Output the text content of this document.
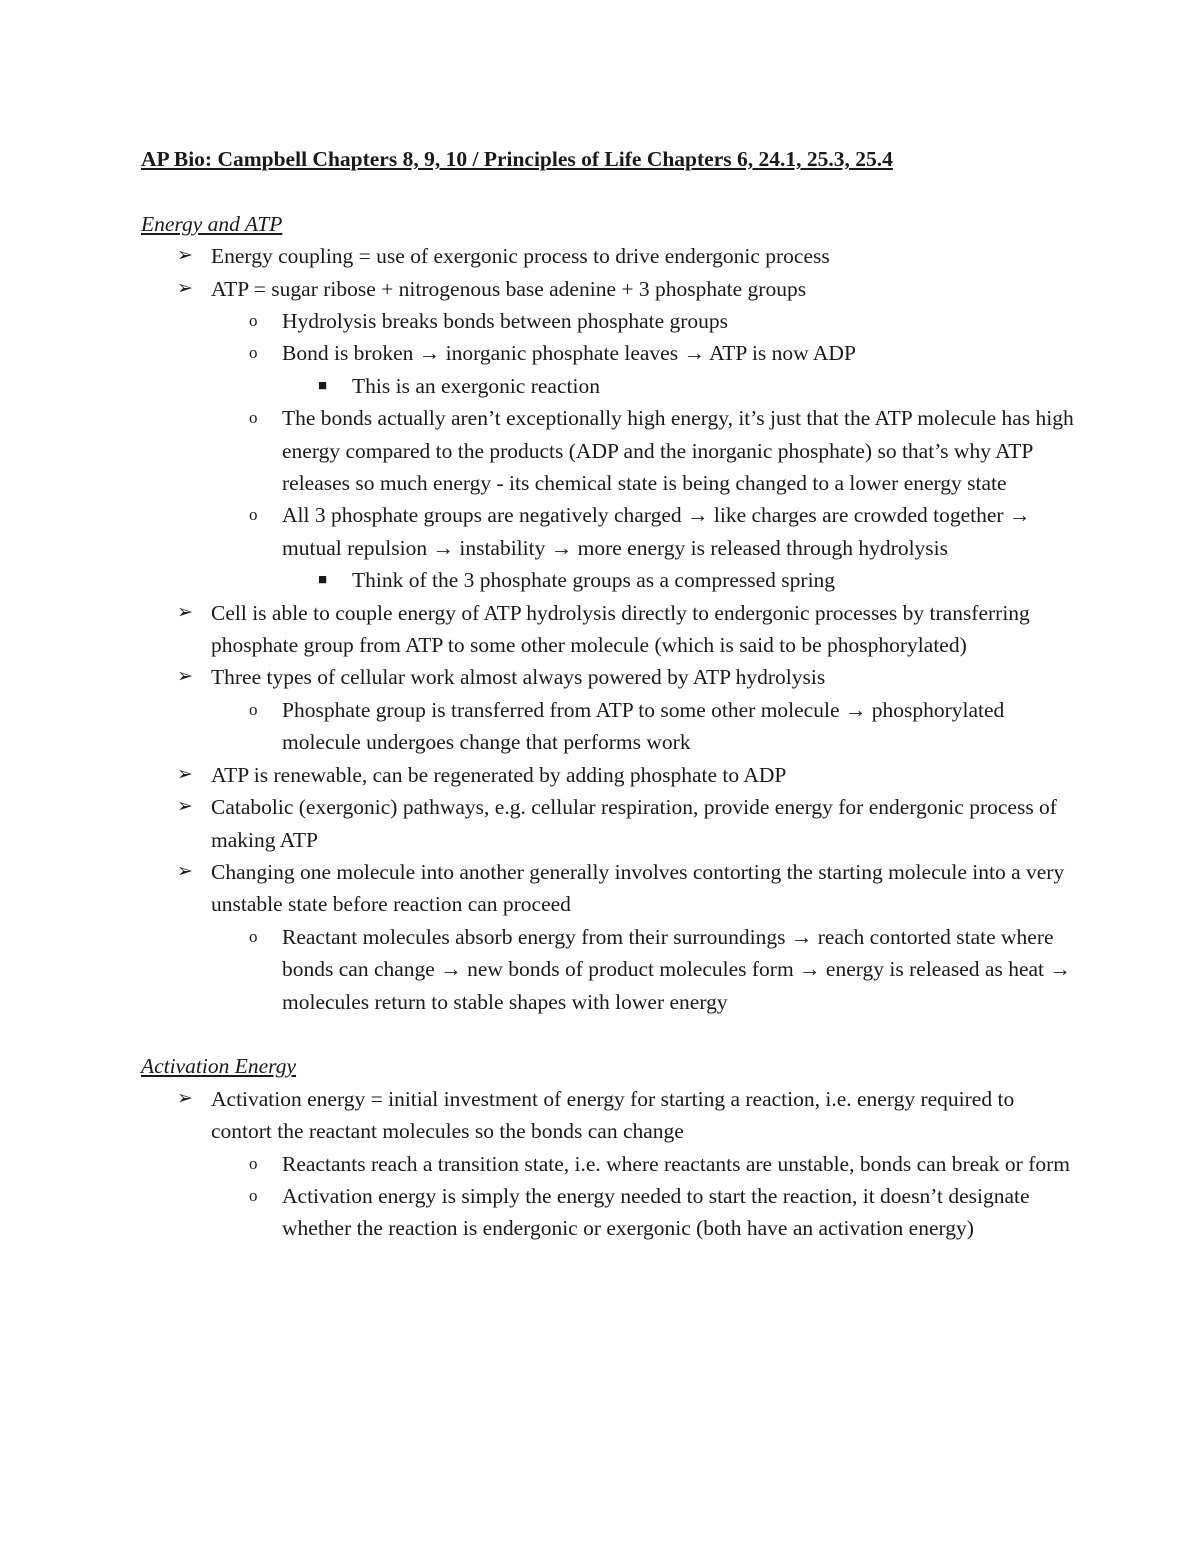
AP Bio: Campbell Chapters 8, 9, 10 / Principles of Life Chapters 6, 24.1, 25.3, 25.4

Energy and ATP

➢ Energy coupling = use of exergonic process to drive endergonic process
➢ ATP = sugar ribose + nitrogenous base adenine + 3 phosphate groups
o Hydrolysis breaks bonds between phosphate groups
o Bond is broken → inorganic phosphate leaves → ATP is now ADP
■ This is an exergonic reaction
o The bonds actually aren’t exceptionally high energy, it’s just that the ATP molecule has high energy compared to the products (ADP and the inorganic phosphate) so that’s why ATP releases so much energy - its chemical state is being changed to a lower energy state
o All 3 phosphate groups are negatively charged → like charges are crowded together → mutual repulsion → instability → more energy is released through hydrolysis
■ Think of the 3 phosphate groups as a compressed spring
➢ Cell is able to couple energy of ATP hydrolysis directly to endergonic processes by transferring phosphate group from ATP to some other molecule (which is said to be phosphorylated)
➢ Three types of cellular work almost always powered by ATP hydrolysis
o Phosphate group is transferred from ATP to some other molecule → phosphorylated molecule undergoes change that performs work
➢ ATP is renewable, can be regenerated by adding phosphate to ADP
➢ Catabolic (exergonic) pathways, e.g. cellular respiration, provide energy for endergonic process of making ATP
➢ Changing one molecule into another generally involves contorting the starting molecule into a very unstable state before reaction can proceed
o Reactant molecules absorb energy from their surroundings → reach contorted state where bonds can change → new bonds of product molecules form → energy is released as heat → molecules return to stable shapes with lower energy

Activation Energy

➢ Activation energy = initial investment of energy for starting a reaction, i.e. energy required to contort the reactant molecules so the bonds can change
o Reactants reach a transition state, i.e. where reactants are unstable, bonds can break or form
o Activation energy is simply the energy needed to start the reaction, it doesn’t designate whether the reaction is endergonic or exergonic (both have an activation energy)
